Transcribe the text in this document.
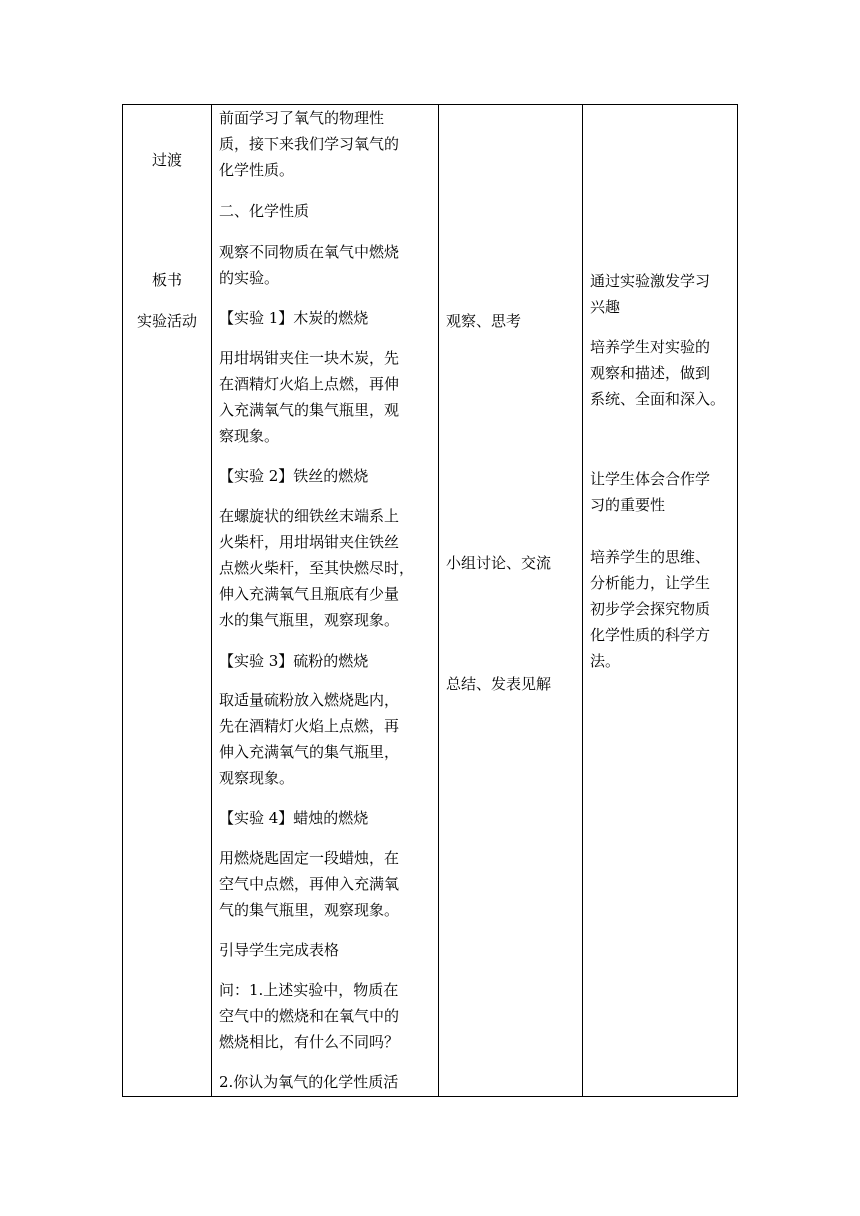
过渡
板书
实验活动
前面学习了氧气的物理性
质，接下来我们学习氧气的
化学性质。
二、化学性质
观察不同物质在氧气中燃烧
的实验。
【实验 1】木炭的燃烧
用坩埚钳夹住一块木炭，先
在酒精灯火焰上点燃，再伸
入充满氧气的集气瓶里，观
察现象。
【实验 2】铁丝的燃烧
在螺旋状的细铁丝末端系上
火柴杆，用坩埚钳夹住铁丝
点燃火柴杆，至其快燃尽时，
伸入充满氧气且瓶底有少量
水的集气瓶里，观察现象。
【实验 3】硫粉的燃烧
取适量硫粉放入燃烧匙内，
先在酒精灯火焰上点燃，再
伸入充满氧气的集气瓶里，
观察现象。
【实验 4】蜡烛的燃烧
用燃烧匙固定一段蜡烛，在
空气中点燃，再伸入充满氧
气的集气瓶里，观察现象。
引导学生完成表格
问：1.上述实验中，物质在
空气中的燃烧和在氧气中的
燃烧相比，有什么不同吗？
2.你认为氧气的化学性质活
观察、思考
小组讨论、交流
总结、发表见解
通过实验激发学习
兴趣
培养学生对实验的
观察和描述，做到
系统、全面和深入。
让学生体会合作学
习的重要性
培养学生的思维、
分析能力，让学生
初步学会探究物质
化学性质的科学方
法。
